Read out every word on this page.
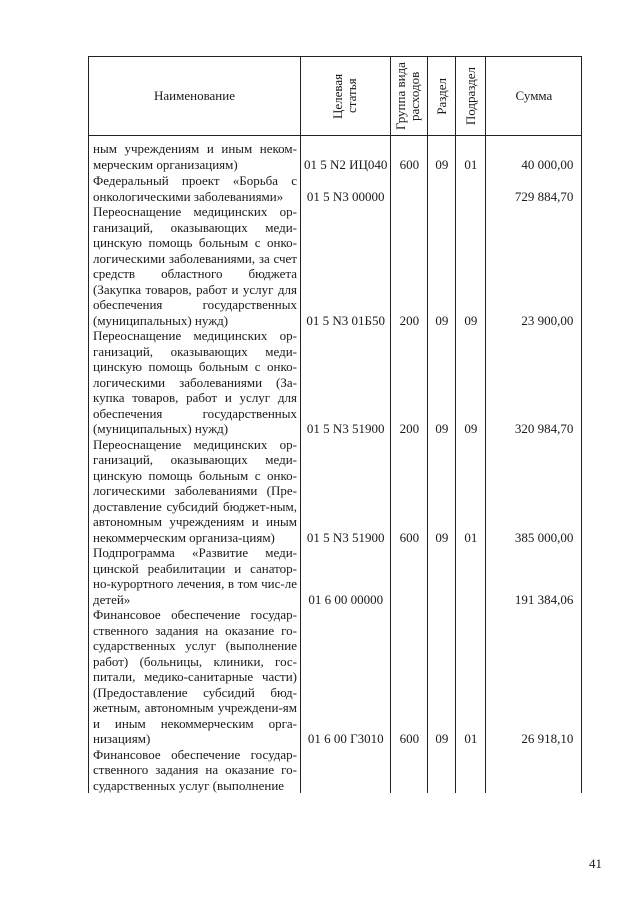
Наименование	Целевая статья	Группа вида расходов	Раздел	Подраздел	Сумма
ным учреждениям и иным неком-мерческим организациям)	01 5 N2 ИЦ040	600	09	01	40 000,00
Федеральный проект «Борьба с онкологическими заболеваниями»	01 5 N3 00000				729 884,70
Переоснащение медицинских ор-ганизаций, оказывающих меди-цинскую помощь больным с онко-логическими заболеваниями, за счет средств областного бюджета (Закупка товаров, работ и услуг для обеспечения государственных (муниципальных) нужд)	01 5 N3 01Б50	200	09	09	23 900,00
Переоснащение медицинских ор-ганизаций, оказывающих меди-цинскую помощь больным с онко-логическими заболеваниями (За-купка товаров, работ и услуг для обеспечения государственных (муниципальных) нужд)	01 5 N3 51900	200	09	09	320 984,70
Переоснащение медицинских ор-ганизаций, оказывающих меди-цинскую помощь больным с онко-логическими заболеваниями (Пре-доставление субсидий бюджет-ным, автономным учреждениям и иным некоммерческим организа-циям)	01 5 N3 51900	600	09	01	385 000,00
Подпрограмма «Развитие меди-цинской реабилитации и санатор-но-курортного лечения, в том чис-ле детей»	01 6 00 00000				191 384,06
Финансовое обеспечение государ-ственного задания на оказание го-сударственных услуг (выполнение работ) (больницы, клиники, гос-питали, медико-санитарные части) (Предоставление субсидий бюд-жетным, автономным учреждени-ям и иным некоммерческим орга-низациям)	01 6 00 Г3010	600	09	01	26 918,10
Финансовое обеспечение государ-ственного задания на оказание го-сударственных услуг (выполнение					
41
